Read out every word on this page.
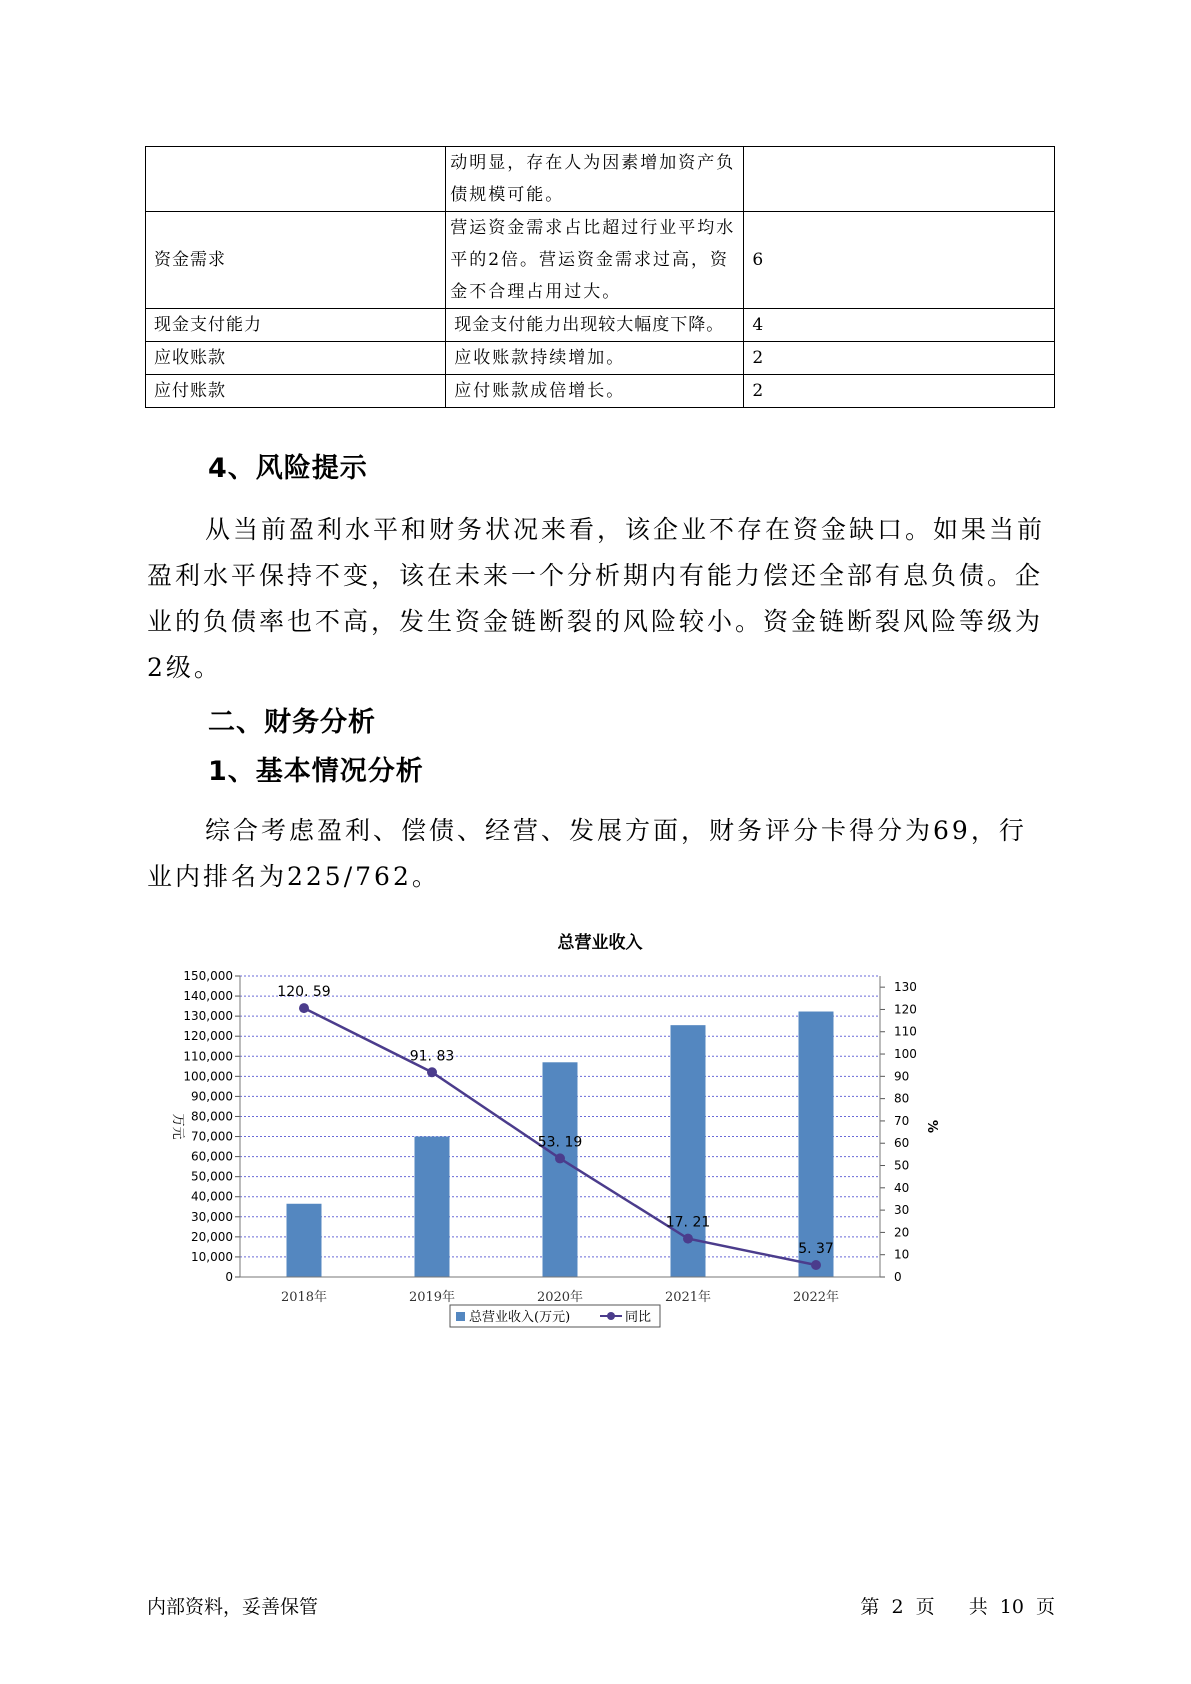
	动明显，存在人为因素增加资产负债规模可能。	
资金需求	营运资金需求占比超过行业平均水平的2倍。营运资金需求过高，资金不合理占用过大。	6
现金支付能力	现金支付能力出现较大幅度下降。	4
应收账款	应收账款持续增加。	2
应付账款	应付账款成倍增长。	2
4、风险提示

从当前盈利水平和财务状况来看，该企业不存在资金缺口。如果当前盈利水平保持不变，该在未来一个分析期内有能力偿还全部有息负债。企业的负债率也不高，发生资金链断裂的风险较小。资金链断裂风险等级为2级。

二、财务分析
1、基本情况分析

综合考虑盈利、偿债、经营、发展方面，财务评分卡得分为69，行业内排名为225/762。

总营业收入
120. 59
91. 83
53. 19
17. 21
5. 37
0
10,000
20,000
30,000
40,000
50,000
60,000
70,000
80,000
90,000
100,000
110,000
120,000
130,000
140,000
150,000
0
10
20
30
40
50
60
70
80
90
100
110
120
130
万元	%
2018年	2019年	2020年	2021年	2022年
总营业收入(万元)	同比
内部资料，妥善保管	第 2 页 共 10 页
